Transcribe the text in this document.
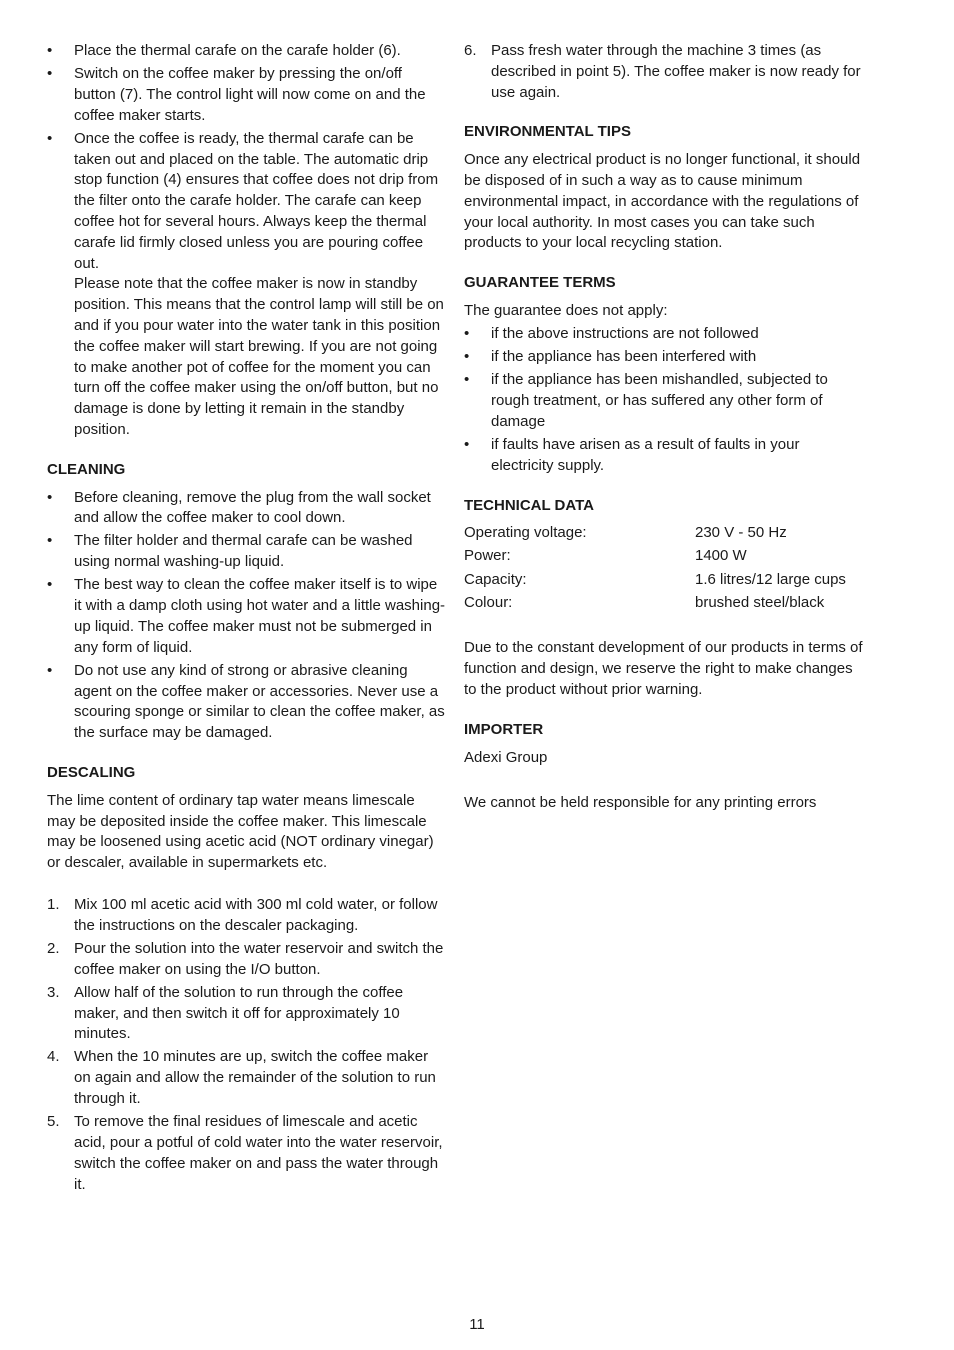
• Place the thermal carafe on the carafe holder (6).
• Switch on the coffee maker by pressing the on/off button (7). The control light will now come on and the coffee maker starts.
• Once the coffee is ready, the thermal carafe can be taken out and placed on the table. The automatic drip stop function (4) ensures that coffee does not drip from the filter onto the carafe holder. The carafe can keep coffee hot for several hours. Always keep the thermal carafe lid firmly closed unless you are pouring coffee out.

Please note that the coffee maker is now in standby position. This means that the control lamp will still be on and if you pour water into the water tank in this position the coffee maker will start brewing. If you are not going to make another pot of coffee for the moment you can turn off the coffee maker using the on/off button, but no damage is done by letting it remain in the standby position.

CLEANING

• Before cleaning, remove the plug from the wall socket and allow the coffee maker to cool down.
• The filter holder and thermal carafe can be washed using normal washing-up liquid.
• The best way to clean the coffee maker itself is to wipe it with a damp cloth using hot water and a little washing-up liquid. The coffee maker must not be submerged in any form of liquid.
• Do not use any kind of strong or abrasive cleaning agent on the coffee maker or accessories. Never use a scouring sponge or similar to clean the coffee maker, as the surface may be damaged.

DESCALING

The lime content of ordinary tap water means limescale may be deposited inside the coffee maker. This limescale may be loosened using acetic acid (NOT ordinary vinegar) or descaler, available in supermarkets etc.

1. Mix 100 ml acetic acid with 300 ml cold water, or follow the instructions on the descaler packaging.
2. Pour the solution into the water reservoir and switch the coffee maker on using the I/O button.
3. Allow half of the solution to run through the coffee maker, and then switch it off for approximately 10 minutes.
4. When the 10 minutes are up, switch the coffee maker on again and allow the remainder of the solution to run through it.
5. To remove the final residues of limescale and acetic acid, pour a potful of cold water into the water reservoir, switch the coffee maker on and pass the water through it.
6. Pass fresh water through the machine 3 times (as described in point 5). The coffee maker is now ready for use again.

ENVIRONMENTAL TIPS

Once any electrical product is no longer functional, it should be disposed of in such a way as to cause minimum environmental impact, in accordance with the regulations of your local authority. In most cases you can take such products to your local recycling station.

GUARANTEE TERMS

The guarantee does not apply:

• if the above instructions are not followed
• if the appliance has been interfered with
• if the appliance has been mishandled, subjected to rough treatment, or has suffered any other form of damage
• if faults have arisen as a result of faults in your electricity supply.

TECHNICAL DATA

Operating voltage:	230 V - 50 Hz
Power:	1400 W
Capacity:	1.6 litres/12 large cups
Colour:	brushed steel/black

Due to the constant development of our products in terms of function and design, we reserve the right to make changes to the product without prior warning.

IMPORTER

Adexi Group

We cannot be held responsible for any printing errors

11
